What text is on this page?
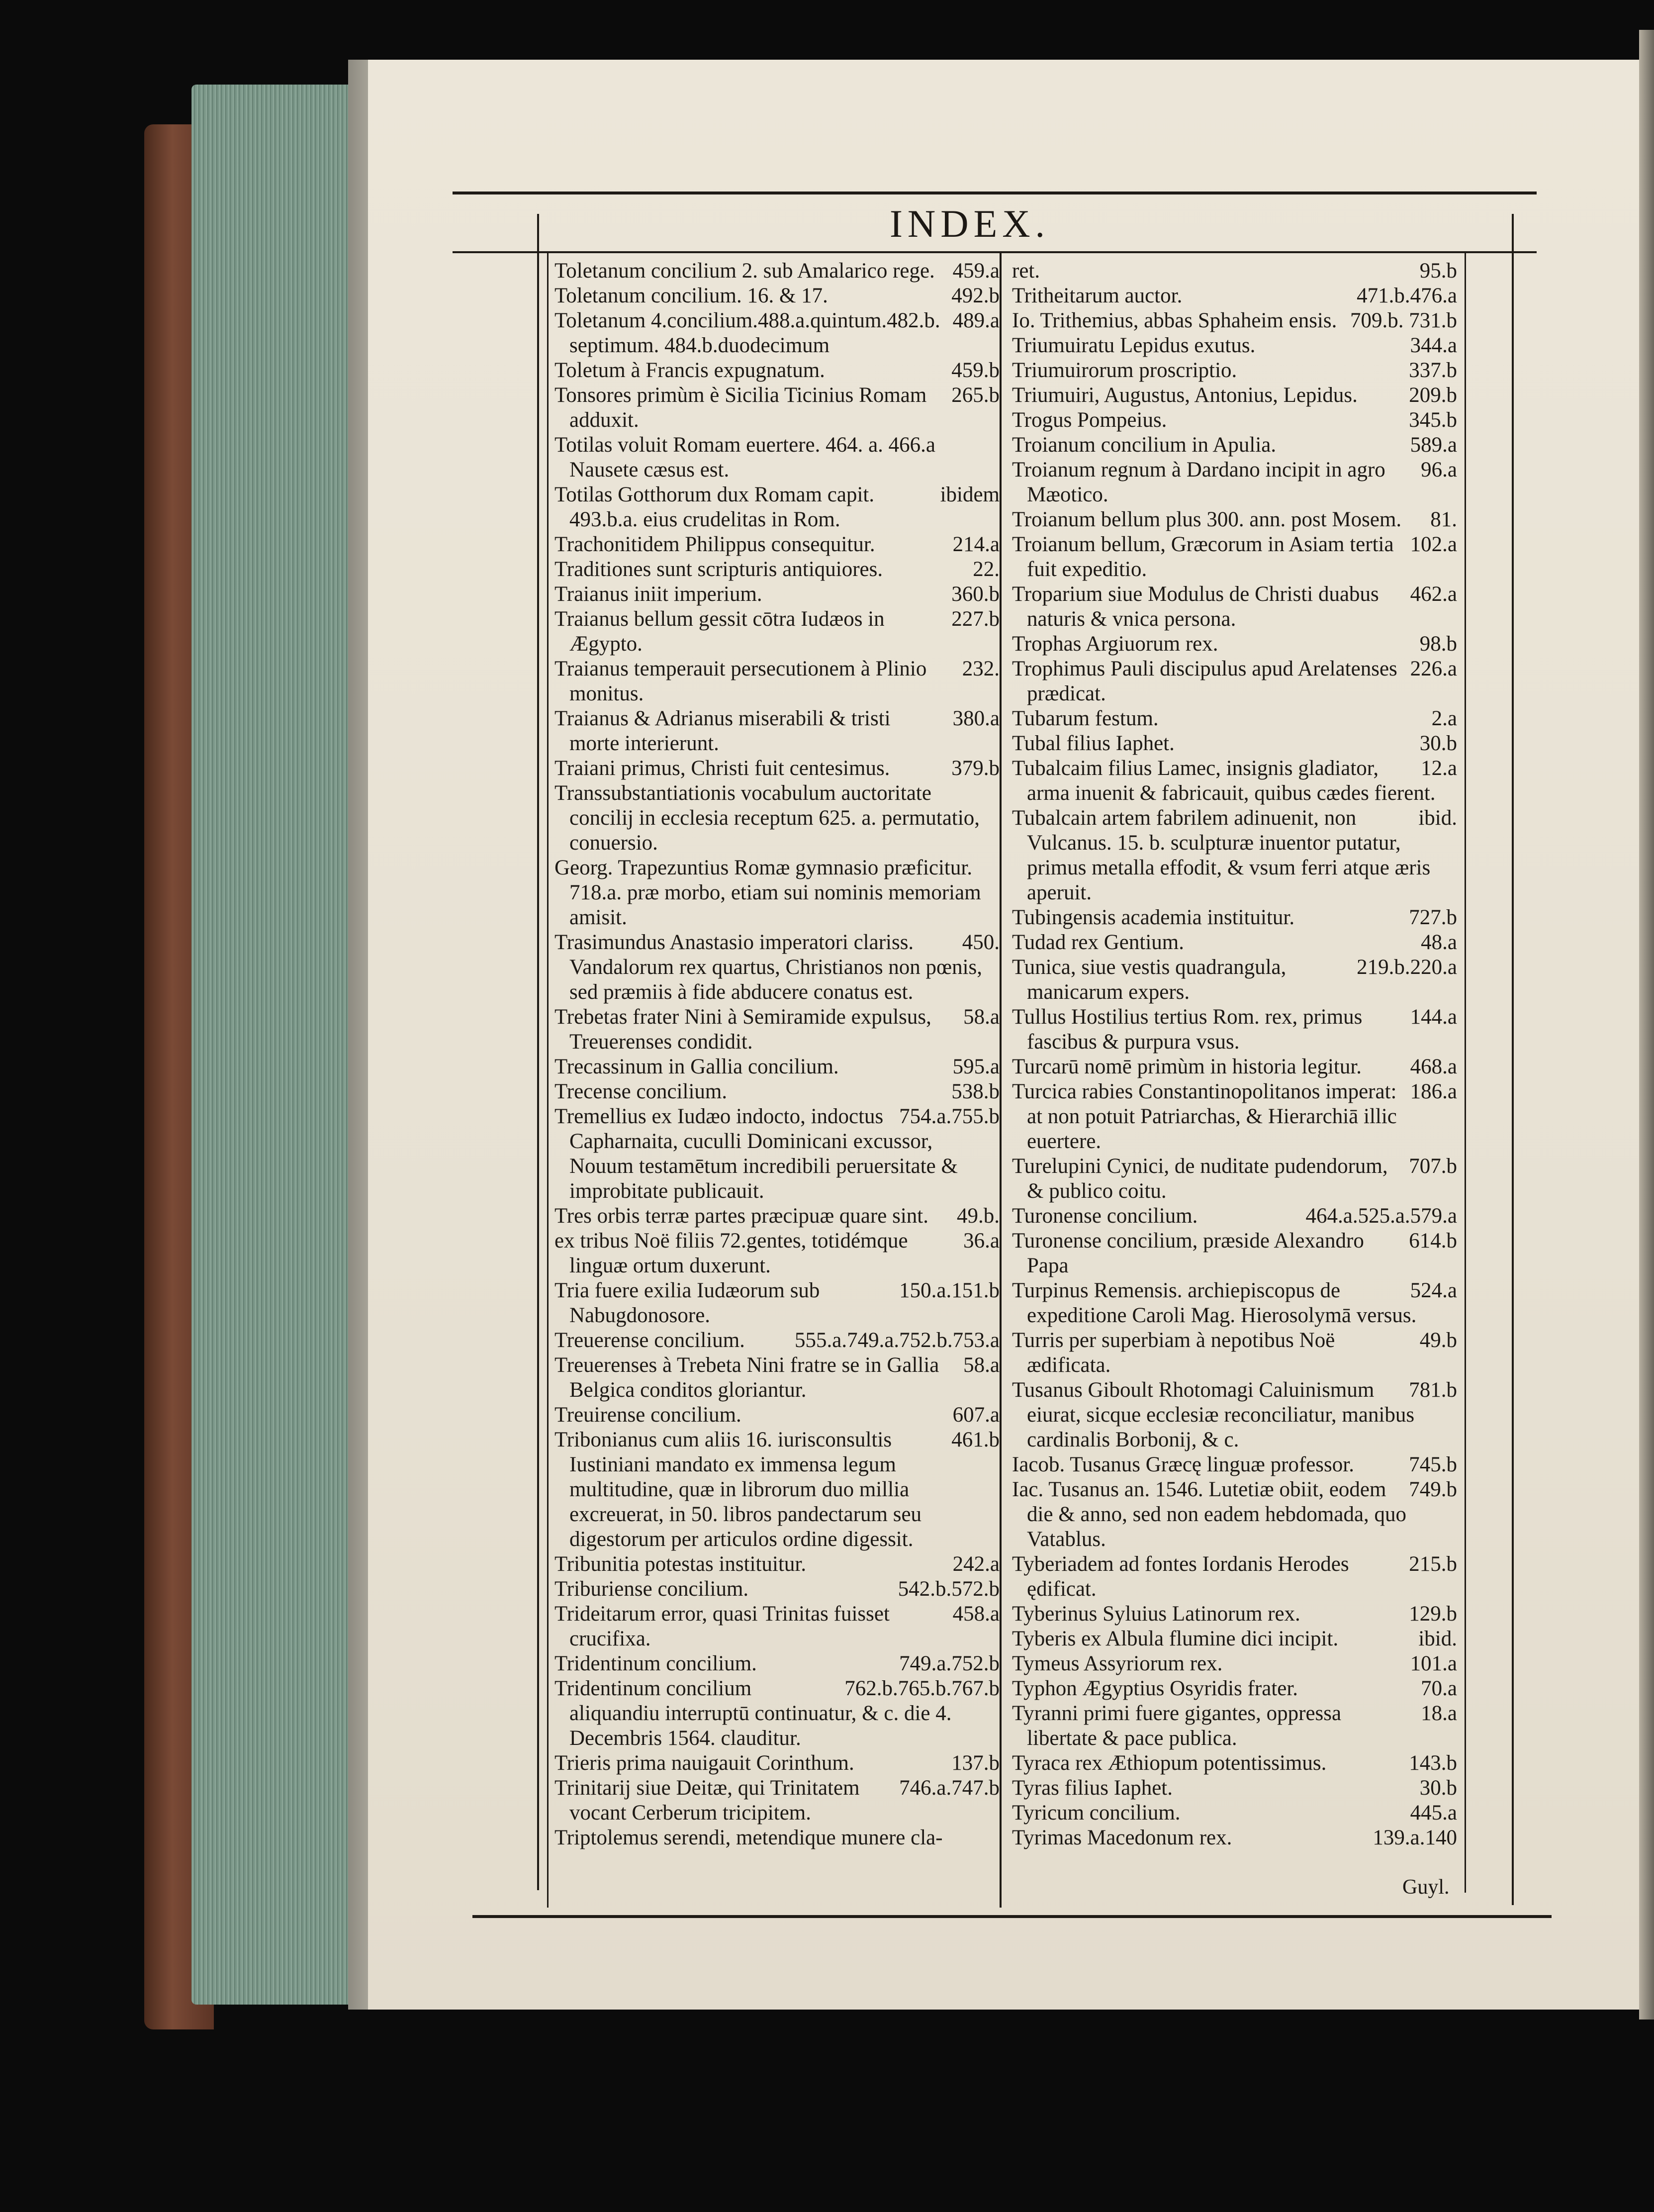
INDEX.
459.a
Toletanum concilium 2. sub Amalarico rege.
492.b
Toletanum concilium. 16. & 17.
489.a
Toletanum 4.concilium.488.a.quintum.482.b. septimum. 484.b.duodecimum
459.b
Toletum à Francis expugnatum.
265.b
Tonsores primùm è Sicilia Ticinius Romam adduxit.
Totilas voluit Romam euertere. 464. a. 466.a Nausete cæsus est.
ibidem
Totilas Gotthorum dux Romam capit. 493.b.a. eius crudelitas in Rom.
214.a
Trachonitidem Philippus consequitur.
22.
Traditiones sunt scripturis antiquiores.
360.b
Traianus iniit imperium.
227.b
Traianus bellum gessit cōtra Iudæos in Ægypto.
232.
Traianus temperauit persecutionem à Plinio monitus.
380.a
Traianus & Adrianus miserabili & tristi morte interierunt.
379.b
Traiani primus, Christi fuit centesimus.
Transsubstantiationis vocabulum auctoritate concilij in ecclesia receptum 625. a. permutatio, conuersio.
Georg. Trapezuntius Romæ gymnasio præficitur. 718.a. præ morbo, etiam sui nominis memoriam amisit.
450.
Trasimundus Anastasio imperatori clariss. Vandalorum rex quartus, Christianos non pœnis, sed præmiis à fide abducere conatus est.
58.a
Trebetas frater Nini à Semiramide expulsus, Treuerenses condidit.
595.a
Trecassinum in Gallia concilium.
538.b
Trecense concilium.
754.a.755.b
Tremellius ex Iudæo indocto, indoctus Capharnaita, cuculli Dominicani excussor, Nouum testamētum incredibili peruersitate & improbitate publicauit.
49.b.
Tres orbis terræ partes præcipuæ quare sint.
36.a
ex tribus Noë filiis 72.gentes, totidémque linguæ ortum duxerunt.
150.a.151.b
Tria fuere exilia Iudæorum sub Nabugdonosore.
555.a.749.a.752.b.753.a
Treuerense concilium.
58.a
Treuerenses à Trebeta Nini fratre se in Gallia Belgica conditos gloriantur.
607.a
Treuirense concilium.
461.b
Tribonianus cum aliis 16. iurisconsultis Iustiniani mandato ex immensa legum multitudine, quæ in librorum duo millia excreuerat, in 50. libros pandectarum seu digestorum per articulos ordine digessit.
242.a
Tribunitia potestas instituitur.
542.b.572.b
Triburiense concilium.
458.a
Trideitarum error, quasi Trinitas fuisset crucifixa.
749.a.752.b
Tridentinum concilium.
762.b.765.b.767.b
Tridentinum concilium aliquandiu interruptū continuatur, & c. die 4. Decembris 1564. clauditur.
137.b
Trieris prima nauigauit Corinthum.
746.a.747.b
Trinitarij siue Deitæ, qui Trinitatem vocant Cerberum tricipitem.
Triptolemus serendi, metendique munere cla-
95.b
ret.
471.b.476.a
Tritheitarum auctor.
709.b. 731.b
Io. Trithemius, abbas Sphaheim ensis.
344.a
Triumuiratu Lepidus exutus.
337.b
Triumuirorum proscriptio.
209.b
Triumuiri, Augustus, Antonius, Lepidus.
345.b
Trogus Pompeius.
589.a
Troianum concilium in Apulia.
96.a
Troianum regnum à Dardano incipit in agro Mæotico.
81.
Troianum bellum plus 300. ann. post Mosem.
102.a
Troianum bellum, Græcorum in Asiam tertia fuit expeditio.
462.a
Troparium siue Modulus de Christi duabus naturis & vnica persona.
98.b
Trophas Argiuorum rex.
226.a
Trophimus Pauli discipulus apud Arelatenses prædicat.
2.a
Tubarum festum.
30.b
Tubal filius Iaphet.
12.a
Tubalcaim filius Lamec, insignis gladiator, arma inuenit & fabricauit, quibus cædes fierent.
ibid.
Tubalcain artem fabrilem adinuenit, non Vulcanus. 15. b. sculpturæ inuentor putatur, primus metalla effodit, & vsum ferri atque æris aperuit.
727.b
Tubingensis academia instituitur.
48.a
Tudad rex Gentium.
219.b.220.a
Tunica, siue vestis quadrangula, manicarum expers.
144.a
Tullus Hostilius tertius Rom. rex, primus fascibus & purpura vsus.
468.a
Turcarū nomē primùm in historia legitur.
186.a
Turcica rabies Constantinopolitanos imperat: at non potuit Patriarchas, & Hierarchiā illic euertere.
707.b
Turelupini Cynici, de nuditate pudendorum, & publico coitu.
464.a.525.a.579.a
Turonense concilium.
614.b
Turonense concilium, præside Alexandro Papa
524.a
Turpinus Remensis. archiepiscopus de expeditione Caroli Mag. Hierosolymā versus.
49.b
Turris per superbiam à nepotibus Noë ædificata.
781.b
Tusanus Giboult Rhotomagi Caluinismum eiurat, sicque ecclesiæ reconciliatur, manibus cardinalis Borbonij, & c.
745.b
Iacob. Tusanus Græcę linguæ professor.
749.b
Iac. Tusanus an. 1546. Lutetiæ obiit, eodem die & anno, sed non eadem hebdomada, quo Vatablus.
215.b
Tyberiadem ad fontes Iordanis Herodes ędificat.
129.b
Tyberinus Syluius Latinorum rex.
ibid.
Tyberis ex Albula flumine dici incipit.
101.a
Tymeus Assyriorum rex.
70.a
Typhon Ægyptius Osyridis frater.
18.a
Tyranni primi fuere gigantes, oppressa libertate & pace publica.
143.b
Tyraca rex Æthiopum potentissimus.
30.b
Tyras filius Iaphet.
445.a
Tyricum concilium.
139.a.140
Tyrimas Macedonum rex.
Guyl.
